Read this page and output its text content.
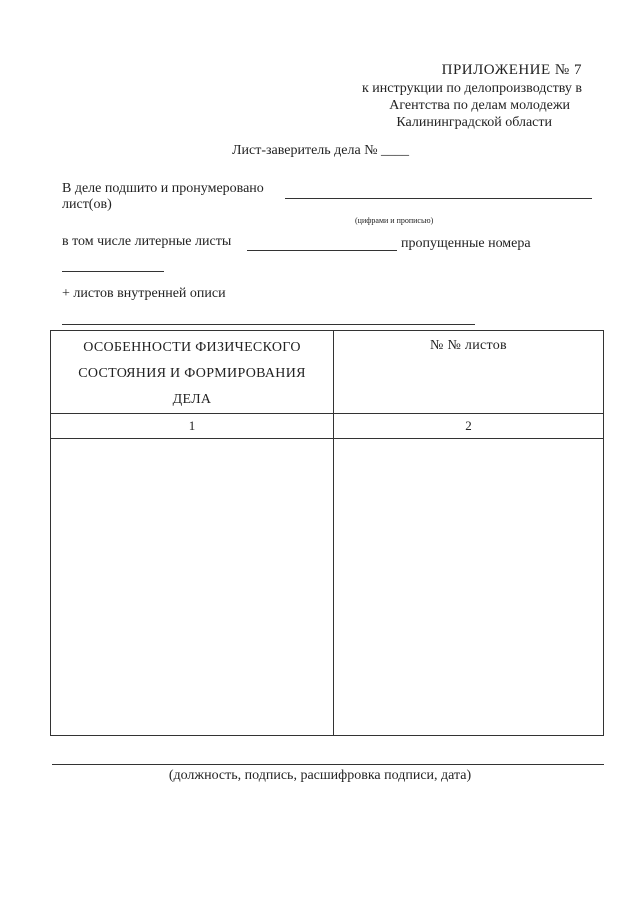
ПРИЛОЖЕНИЕ № 7
к инструкции по делопроизводству в
Агентства по делам молодежи
Калининградской области
Лист-заверитель дела № ____
В деле подшито и пронумеровано
лист(ов)
(цифрами и прописью)
в том числе литерные листы	пропущенные номера
+ листов внутренней описи
ОСОБЕННОСТИ ФИЗИЧЕСКОГО СОСТОЯНИЯ И ФОРМИРОВАНИЯ ДЕЛА	№ № листов

1	2

(должность, подпись, расшифровка подписи, дата)
